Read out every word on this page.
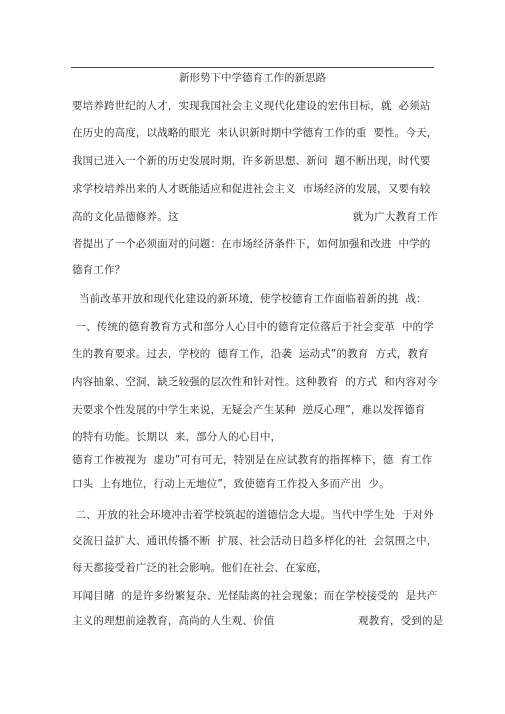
新形势下中学德育工作的新思路
要培养跨世纪的人才，实现我国社会主义现代化建设的宏伟目标，就  必须站
在历史的高度，以战略的眼光  来认识新时期中学德育工作的重  要性。今天，
我国已进入一个新的历史发展时期，许多新思想、新问  题不断出现，时代要
求学校培养出来的人才既能适应和促进社会主义  市场经济的发展，又要有较
高的文化品德修养。这                                                  就为广大教育工作
者提出了一个必须面对的问题：在市场经济条件下，如何加强和改进  中学的
德育工作？
当前改革开放和现代化建设的新环境，使学校德育工作面临着新的挑  战：
一、传统的德育教育方式和部分人心目中的德育定位落后于社会变革  中的学
生的教育要求。过去，学校的  德育工作，沿袭  运动式”的教育  方式，教育
内容抽象、空洞，缺乏较强的层次性和针对性。这种教育  的方式  和内容对今
天要求个性发展的中学生来说，无疑会产生某种  逆反心理”，难以发挥德育
的特有功能。长期以  来，部分人的心目中，
德育工作被视为  虚功”可有可无，特别是在应试教育的指挥棒下，德  育工作
口头  上有地位，行动上无地位”，致使德育工作投入多而产出  少。
二、开放的社会环境冲击着学校筑起的道德信念大堤。当代中学生处  于对外
交流日益扩大、通讯传播不断  扩展、社会活动日趋多样化的社  会氛围之中，
每天都接受着广泛的社会影响。他们在社会、在家庭，
耳闻目睹  的是许多纷繁复杂、光怪陆离的社会现象；而在学校接受的  是共产
主义的理想前途教育，高尚的人生观、价值                        观教育，受到的是
